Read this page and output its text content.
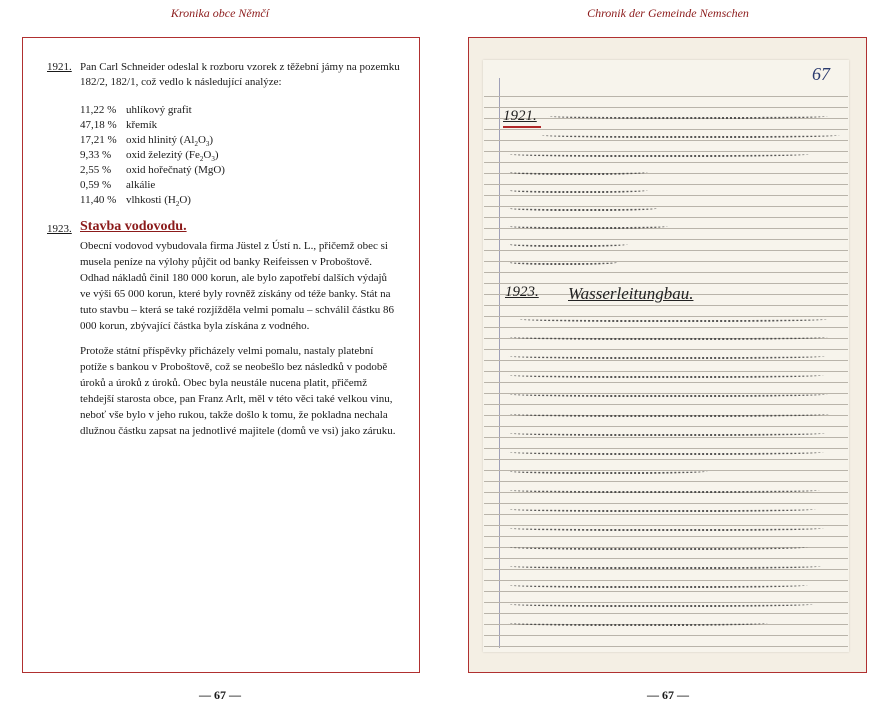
Kronika obce Němčí	Chronik der Gemeinde Nemschen
1921. Pan Carl Schneider odeslal k rozboru vzorek z těžební jámy na pozemku 182/2, 182/1, což vedlo k následující analýze:
11,22 % uhlíkový grafit
47,18 % křemík
17,21 % oxid hlinitý $(Al_2O_3)$
9,33 % oxid železitý $(Fe_2O_3)$
2,55 % oxid hořečnatý (MgO)
0,59 % alkálie
11,40 % vlhkosti $(H_2O)$
1923. Stavba vodovodu.
Obecní vodovod vybudovala firma Jüstel z Ústí n. L., přičemž obec si musela peníze na výlohy půjčit od banky Reifeissen v Proboštově. Odhad nákladů činil 180 000 korun, ale bylo zapotřebí dalších výdajů ve výši 65 000 korun, které byly rovněž získány od téže banky. Stát na tuto stavbu – která se také rozjížděla velmi pomalu – schválil částku 86 000 korun, zbývající částka byla získána z vodného.
Protože státní příspěvky přicházely velmi pomalu, nastaly platební potíže s bankou v Proboštově, což se neobešlo bez následků v podobě úroků a úroků z úroků. Obec byla neustále nucena platit, přičemž tehdejší starosta obce, pan Franz Arlt, měl v této věci také velkou vinu, neboť vše bylo v jeho rukou, takže došlo k tomu, že pokladna nechala dlužnou částku zapsat na jednotlivé majitele (domů ve vsi) jako záruku.
67
1921.
1923. Wasserleitungbau.
— 67 —	— 67 —
